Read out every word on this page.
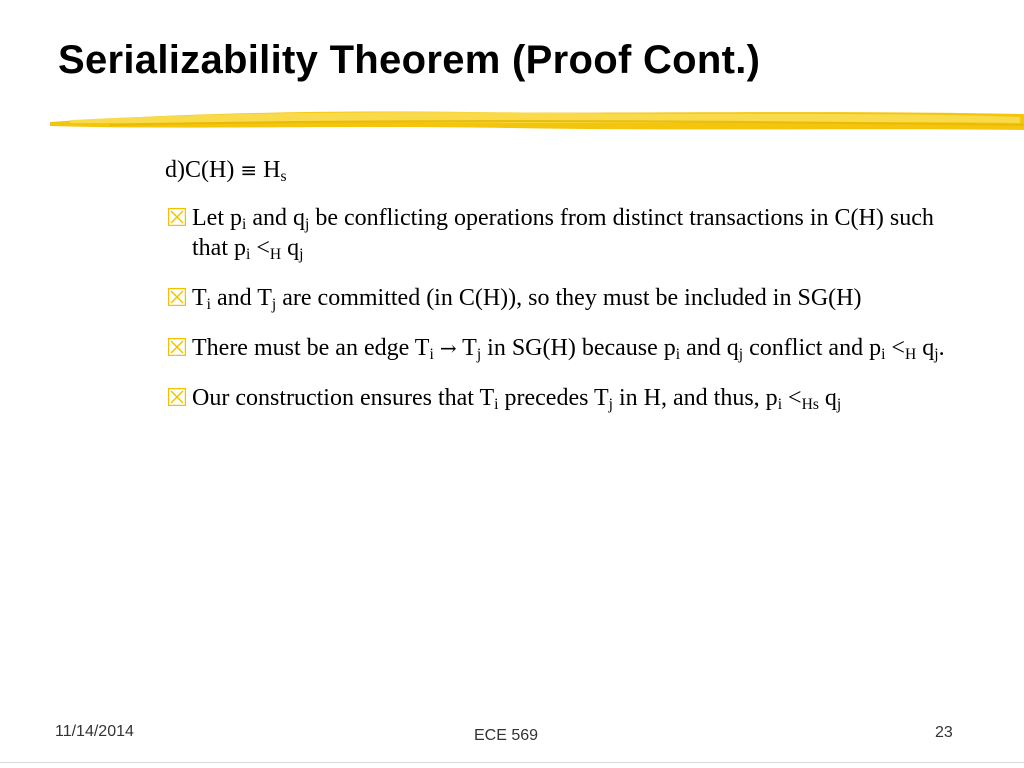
Serializability Theorem (Proof Cont.)
$d)C(H) \equiv H_s$
Let $p_i$ and $q_j$ be conflicting operations from distinct transactions in C(H) such that $p_i <_H$ $q_j$
$T_i$ and $T_j$ are committed (in C(H)), so they must be included in SG(H)
There must be an edge $T_i \to T_j$ in SG(H) because $p_i$ and $q_j$ conflict and $p_i <_H$ $q_j$.
Our construction ensures that $T_i$ precedes $T_j$ in H, and thus, $p_i <_{Hs}$ $q_j$
11/14/2014	ECE 569	23
